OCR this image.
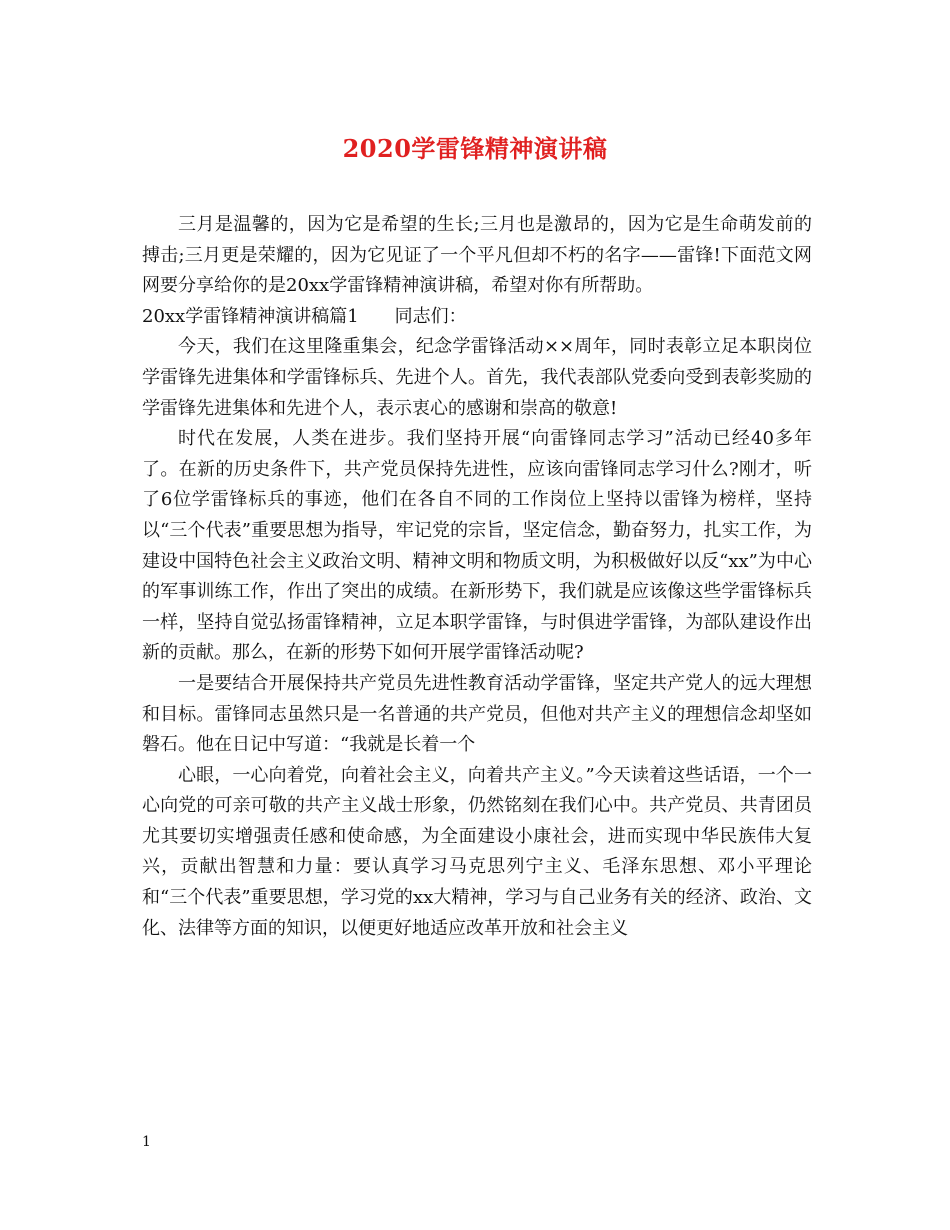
2020学雷锋精神演讲稿

三月是温馨的，因为它是希望的生长;三月也是激昂的，因为它是生命萌发前的搏击;三月更是荣耀的，因为它见证了一个平凡但却不朽的名字——雷锋!下面范文网网要分享给你的是20xx学雷锋精神演讲稿，希望对你有所帮助。

20xx学雷锋精神演讲稿篇1　　同志们：

今天，我们在这里隆重集会，纪念学雷锋活动××周年，同时表彰立足本职岗位学雷锋先进集体和学雷锋标兵、先进个人。首先，我代表部队党委向受到表彰奖励的学雷锋先进集体和先进个人，表示衷心的感谢和崇高的敬意!

时代在发展，人类在进步。我们坚持开展“向雷锋同志学习”活动已经40多年了。在新的历史条件下，共产党员保持先进性，应该向雷锋同志学习什么?刚才，听了6位学雷锋标兵的事迹，他们在各自不同的工作岗位上坚持以雷锋为榜样，坚持以“三个代表”重要思想为指导，牢记党的宗旨，坚定信念，勤奋努力，扎实工作，为建设中国特色社会主义政治文明、精神文明和物质文明，为积极做好以反“xx”为中心的军事训练工作，作出了突出的成绩。在新形势下，我们就是应该像这些学雷锋标兵一样，坚持自觉弘扬雷锋精神，立足本职学雷锋，与时俱进学雷锋，为部队建设作出新的贡献。那么，在新的形势下如何开展学雷锋活动呢?

一是要结合开展保持共产党员先进性教育活动学雷锋，坚定共产党人的远大理想和目标。雷锋同志虽然只是一名普通的共产党员，但他对共产主义的理想信念却坚如磐石。他在日记中写道：“我就是长着一个

心眼，一心向着党，向着社会主义，向着共产主义。”今天读着这些话语，一个一心向党的可亲可敬的共产主义战士形象，仍然铭刻在我们心中。共产党员、共青团员尤其要切实增强责任感和使命感，为全面建设小康社会，进而实现中华民族伟大复兴，贡献出智慧和力量：要认真学习马克思列宁主义、毛泽东思想、邓小平理论和“三个代表”重要思想，学习党的xx大精神，学习与自己业务有关的经济、政治、文化、法律等方面的知识，以便更好地适应改革开放和社会主义

1
